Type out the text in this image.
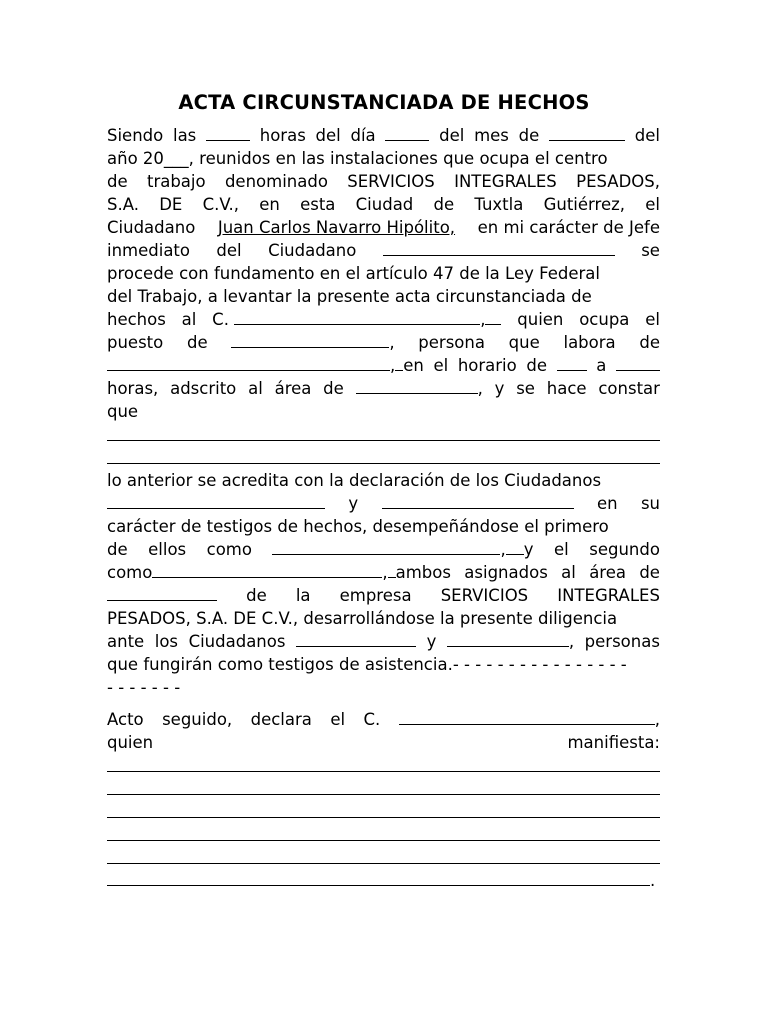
ACTA CIRCUNSTANCIADA DE HECHOS
Siendo las	horas del día	del mes de	del
año 20___, reunidos en las instalaciones que ocupa el centro
de trabajo denominado SERVICIOS INTEGRALES PESADOS,
S.A. DE C.V., en esta Ciudad de Tuxtla Gutiérrez, el
Ciudadano Juan Carlos Navarro Hipólito, en mi carácter de Jefe
inmediato del Ciudadano	se
procede con fundamento en el artículo 47 de la Ley Federal
del Trabajo, a levantar la presente acta circunstanciada de
hechos al C.	,	quien ocupa el
puesto de	, persona que labora de
, en el horario de	a
horas, adscrito al área de	, y se hace constar
que
lo anterior se acredita con la declaración de los Ciudadanos
y	en su
carácter de testigos de hechos, desempeñándose el primero
de ellos como	, y el segundo
como	, ambos asignados al área de
de la empresa SERVICIOS INTEGRALES
PESADOS, S.A. DE C.V., desarrollándose la presente diligencia
ante los Ciudadanos	y	, personas
que fungirán como testigos de asistencia.- - - - - - - - - - - - - - - -
- - - - - - -
Acto seguido, declara el C.	,
quien	manifiesta:
.
